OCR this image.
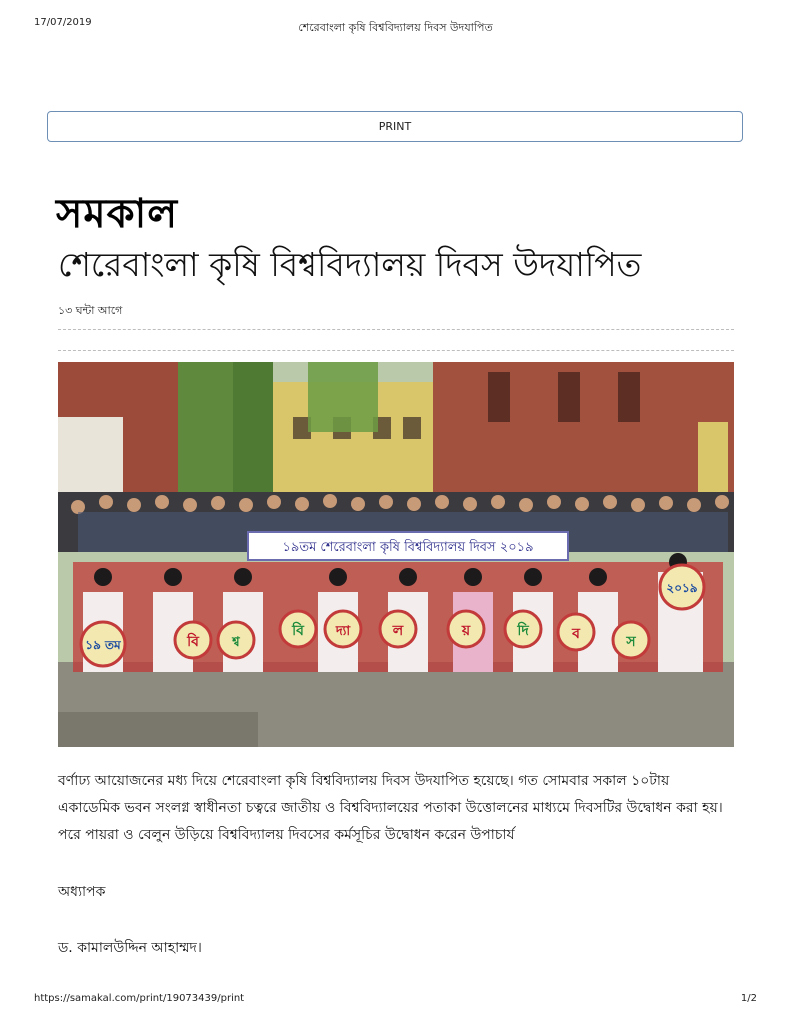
17/07/2019	শেরেবাংলা কৃষি বিশ্ববিদ্যালয় দিবস উদযাপিত
PRINT
সমকাল
শেরেবাংলা কৃষি বিশ্ববিদ্যালয় দিবস উদযাপিত
১৩ ঘন্টা আগে
১৯তম শেরেবাংলা কৃষি বিশ্ববিদ্যালয় দিবস ২০১৯
১৯ তম	বি	শ্ব
বি দ্যা	ল	য়	দি	ব	স
২০১৯

বর্ণাঢ্য আয়োজনের মধ্য দিয়ে শেরেবাংলা কৃষি বিশ্ববিদ্যালয় দিবস উদযাপিত হয়েছে। গত সোমবার সকাল ১০টায় একাডেমিক ভবন সংলগ্ন স্বাধীনতা চত্বরে জাতীয় ও বিশ্ববিদ্যালয়ের পতাকা উত্তোলনের মাধ্যমে দিবসটির উদ্বোধন করা হয়। পরে পায়রা ও বেলুন উড়িয়ে বিশ্ববিদ্যালয় দিবসের কর্মসূচির উদ্বোধন করেন উপাচার্য

অধ্যাপক
ড. কামালউদ্দিন আহাম্মদ।
https://samakal.com/print/19073439/print	1/2
